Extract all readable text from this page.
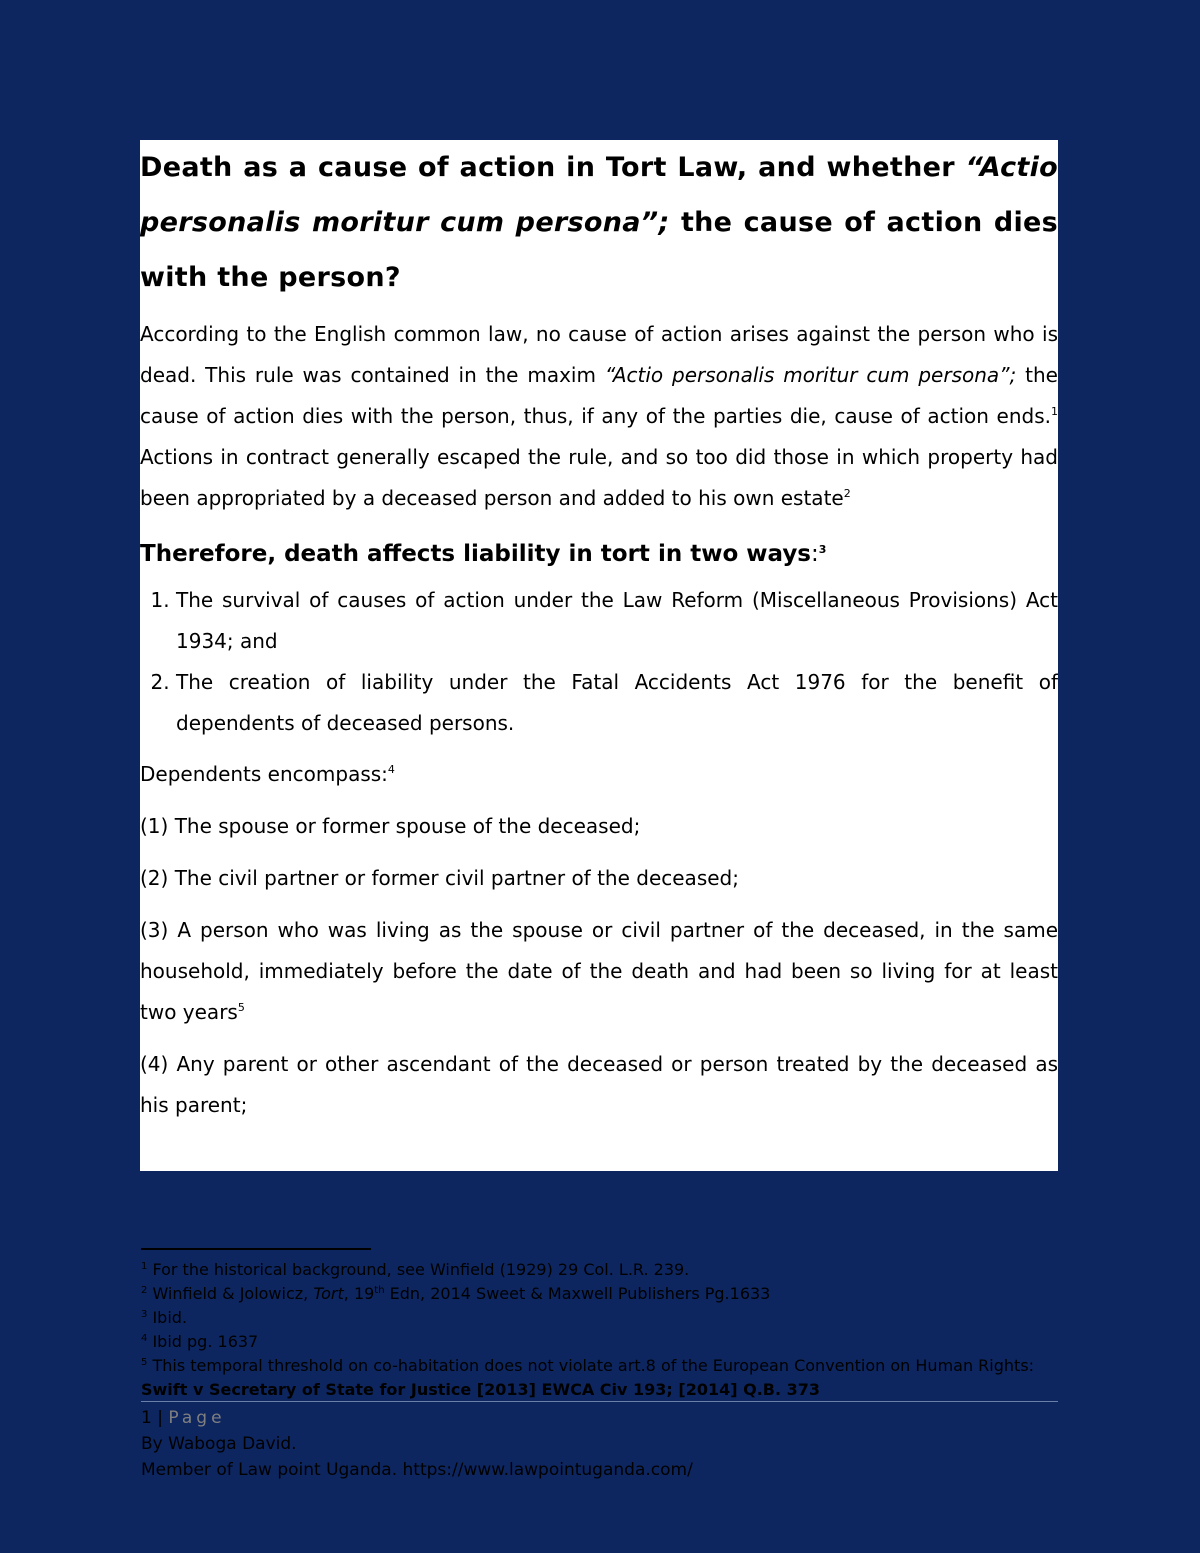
Death as a cause of action in Tort Law, and whether “Actio personalis moritur cum persona”; the cause of action dies with the person?

According to the English common law, no cause of action arises against the person who is dead. This rule was contained in the maxim “Actio personalis moritur cum persona”; the cause of action dies with the person, thus, if any of the parties die, cause of action ends.$^1$ Actions in contract generally escaped the rule, and so too did those in which property had been appropriated by a deceased person and added to his own estate$^2$

Therefore, death affects liability in tort in two ways:$^3$
1. The survival of causes of action under the Law Reform (Miscellaneous Provisions) Act 1934; and
2. The creation of liability under the Fatal Accidents Act 1976 for the benefit of dependents of deceased persons.

Dependents encompass:$^4$

(1) The spouse or former spouse of the deceased;

(2) The civil partner or former civil partner of the deceased;

(3) A person who was living as the spouse or civil partner of the deceased, in the same household, immediately before the date of the death and had been so living for at least two years$^5$

(4) Any parent or other ascendant of the deceased or person treated by the deceased as his parent;

$^1$ For the historical background, see Winfield (1929) 29 Col. L.R. 239.
$^2$ Winfield & Jolowicz, Tort, 19th Edn, 2014 Sweet & Maxwell Publishers Pg.1633
$^3$ Ibid.
$^4$ Ibid pg. 1637
$^5$ This temporal threshold on co-habitation does not violate art.8 of the European Convention on Human Rights:
Swift v Secretary of State for Justice [2013] EWCA Civ 193; [2014] Q.B. 373
1 | Page
By Waboga David.
Member of Law point Uganda. https://www.lawpointuganda.com/
